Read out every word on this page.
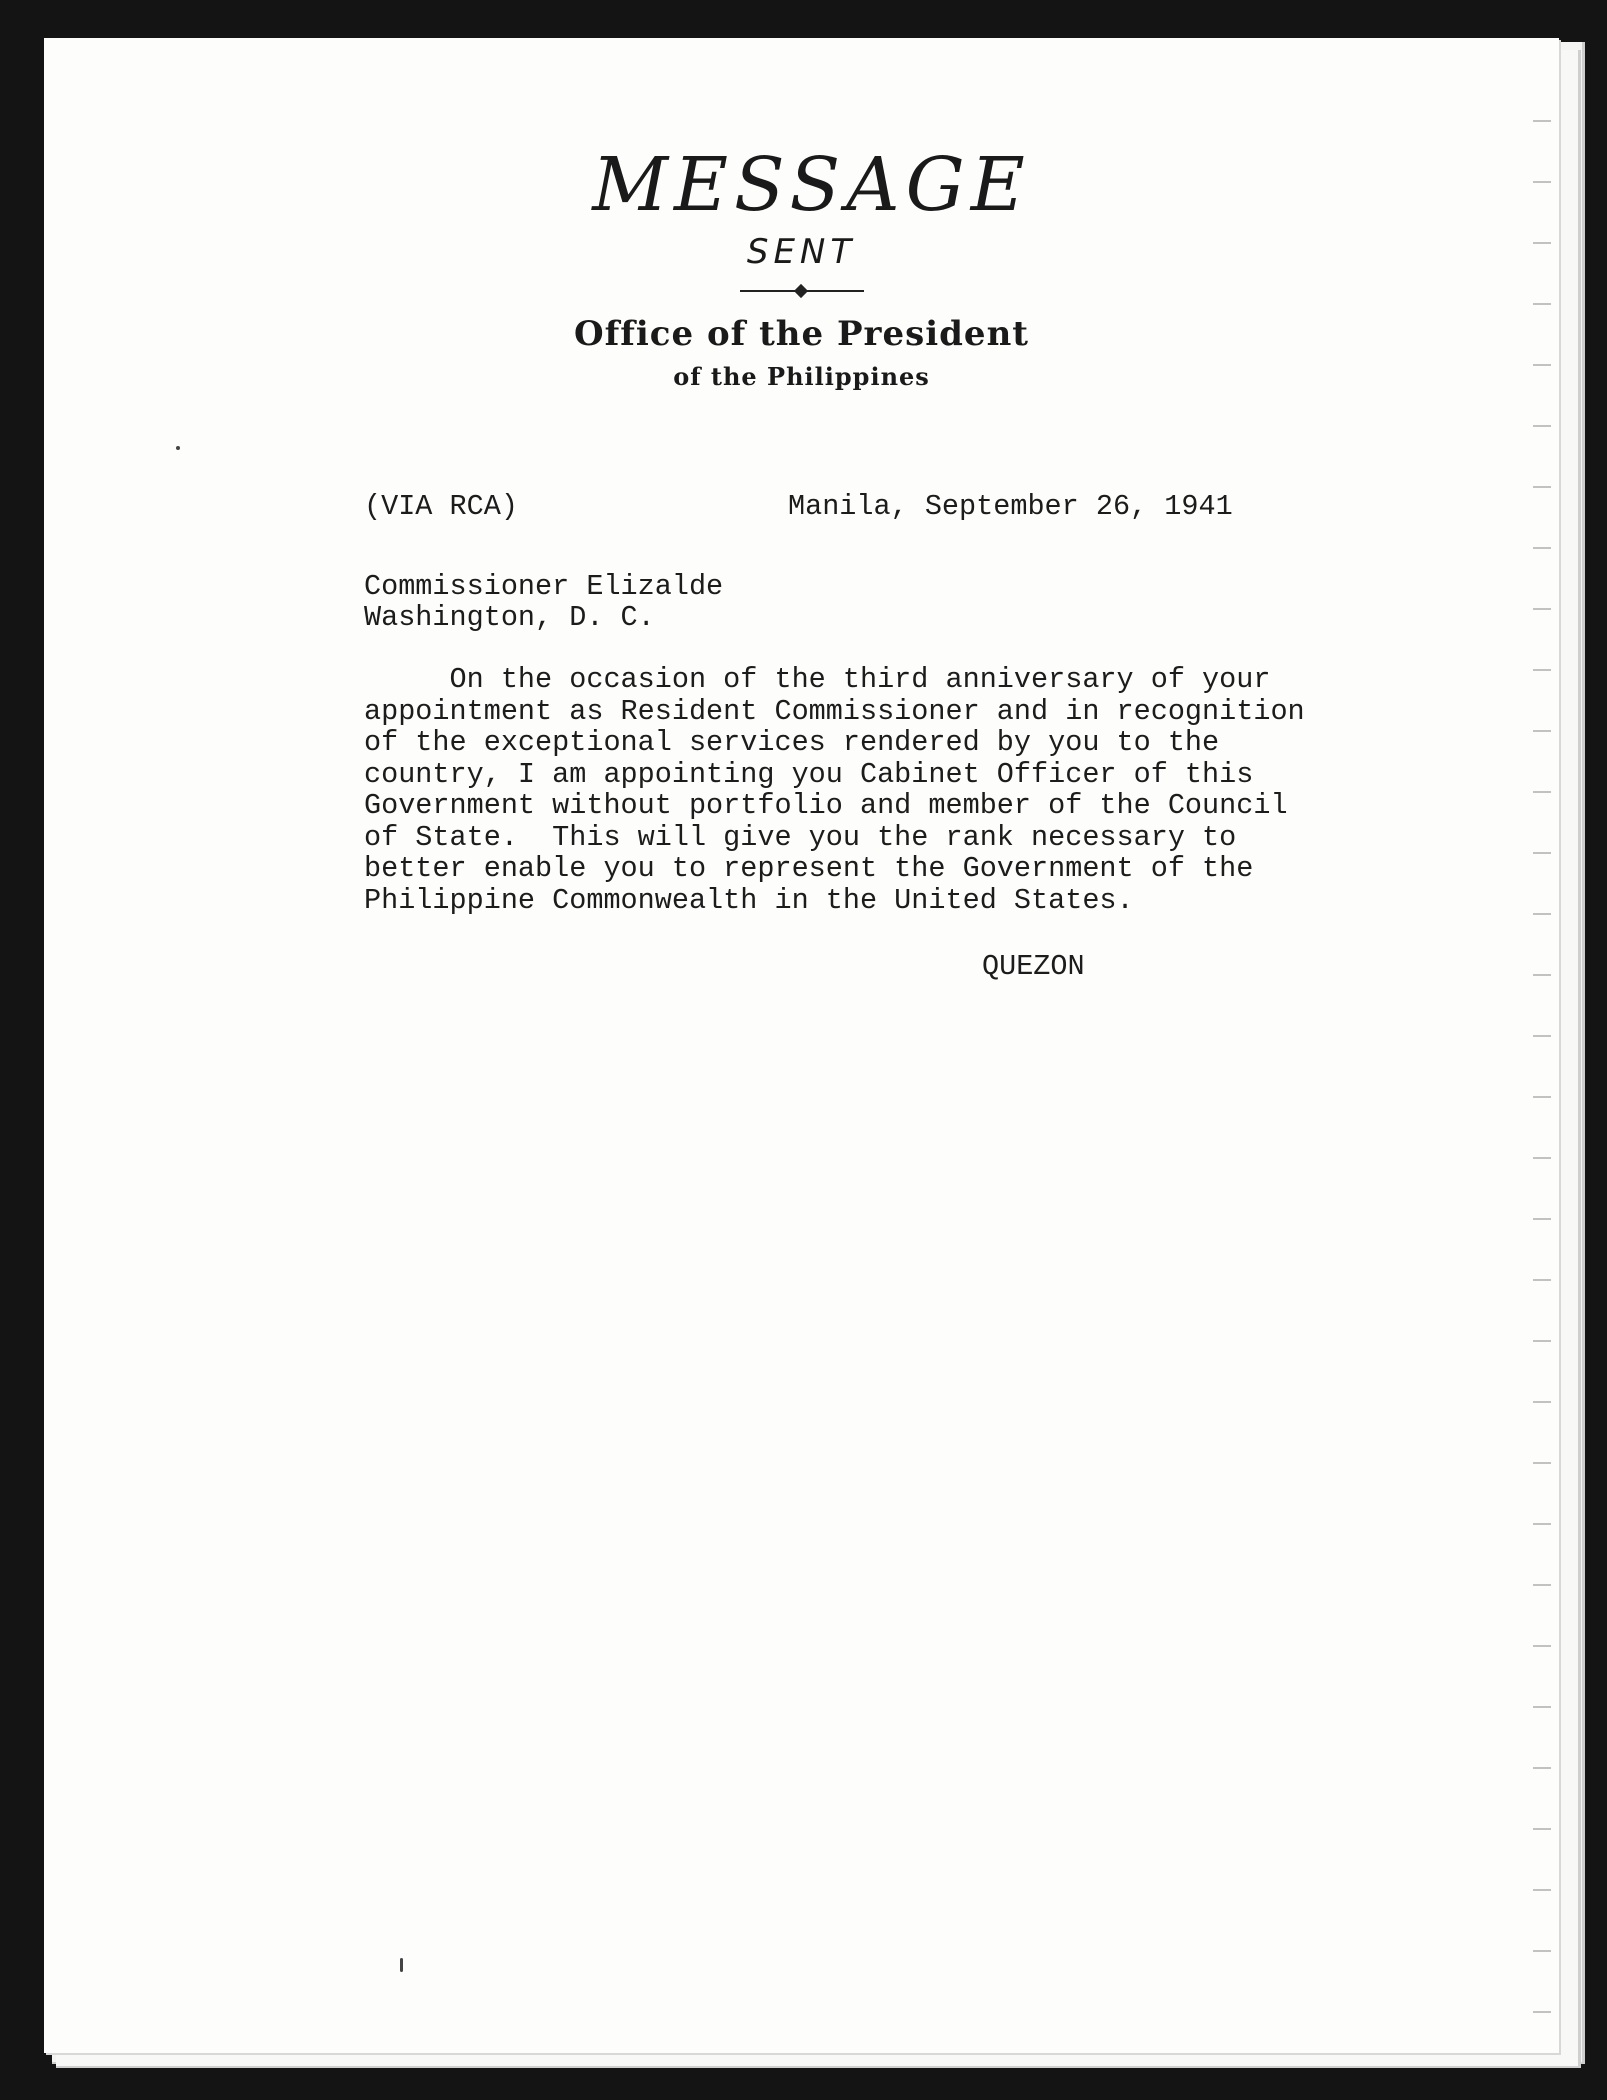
MESSAGE
SENT
Office of the President
of the Philippines

(VIA RCA)

	Manila, September 26, 1941

Commissioner Elizalde
Washington, D. C.
On the occasion of the third anniversary of your
appointment as Resident Commissioner and in recognition
of the exceptional services rendered by you to the
country, I am appointing you Cabinet Officer of this
Government without portfolio and member of the Council
of State.  This will give you the rank necessary to
better enable you to represent the Government of the
Philippine Commonwealth in the United States.
QUEZON
